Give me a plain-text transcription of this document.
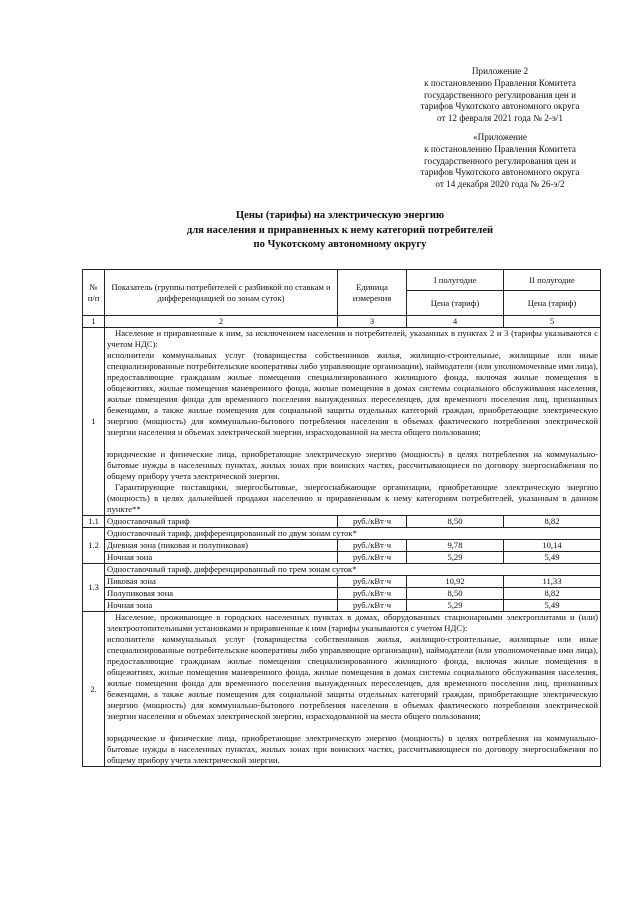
Приложение 2
к постановлению Правления Комитета
государственного регулирования цен и
тарифов Чукотского автономного округа
от 12 февраля 2021 года № 2-э/1
«Приложение
к постановлению Правления Комитета
государственного регулирования цен и
тарифов Чукотского автономного округа
от 14 декабря 2020 года № 26-э/2
Цены (тарифы) на электрическую энергию
для населения и приравненных к нему категорий потребителей
по Чукотскому автономному округу
№ п/п	Показатель (группы потребителей с разбивкой по ставкам и дифференциацией по зонам суток)	Единица измерения	I полугодие	II полугодие
			Цена (тариф)	Цена (тариф)
1	2	3	4	5
1	Население и приравненные к ним, за исключением населения и потребителей, указанных в пунктах 2 и 3 (тарифы указываются с учетом НДС):
исполнители коммунальных услуг (товарищества собственников жилья, жилищно-строительные, жилищные или иные специализированные потребительские кооперативы либо управляющие организации), наймодатели (или уполномоченные ими лица), предоставляющие гражданам жилые помещения специализированного жилищного фонда, включая жилые помещения в общежитиях, жилые помещения маневренного фонда, жилые помещения в домах системы социального обслуживания населения, жилые помещения фонда для временного поселения вынужденных переселенцев, для временного поселения лиц, признанных беженцами, а также жилые помещения для социальной защиты отдельных категорий граждан, приобретающие электрическую энергию (мощность) для коммунально-бытового потребления населения в объемах фактического потребления электрической энергии населения и объемах электрической энергии, израсходованной на места общего пользования;
юридические и физические лица, приобретающие электрическую энергию (мощность) в целях потребления на коммунально-бытовые нужды в населенных пунктах, жилых зонах при воинских частях, рассчитывающиеся по договору энергоснабжения по общему прибору учета электрической энергии.
Гарантирующие поставщики, энергосбытовые, энергоснабжающие организации, приобретающие электрическую энергию (мощность) в целях дальнейшей продажи населению и приравненным к нему категориям потребителей, указанным в данном пункте**			

1.1	Одноставочный тариф	руб./кВт·ч	8,50	8,82
1.2	Одноставочный тариф, дифференцированный по двум зонам суток*			
	Дневная зона (пиковая и полупиковая)	руб./кВт·ч	9,78	10,14
	Ночная зона	руб./кВт·ч	5,29	5,49
1.3	Одноставочный тариф, дифференцированный по трем зонам суток*			
	Пиковая зона	руб./кВт·ч	10,92	11,33
	Полупиковая зона	руб./кВт·ч	8,50	8,82
	Ночная зона	руб./кВт·ч	5,29	5,49
2.	Население, проживающее в городских населенных пунктах в домах, оборудованных стационарными электроплитами и (или) электроотопительными установками и приравненные к ним (тарифы указываются с учетом НДС):
исполнители коммунальных услуг (товарищества собственников жилья, жилищно-строительные, жилищные или иные специализированные потребительские кооперативы либо управляющие организации), наймодатели (или уполномоченные ими лица), предоставляющие гражданам жилые помещения специализированного жилищного фонда, включая жилые помещения в общежитиях, жилые помещения маневренного фонда, жилые помещения в домах системы социального обслуживания населения, жилые помещения фонда для временного поселения вынужденных переселенцев, для временного поселения лиц, признанных беженцами, а также жилые помещения для социальной защиты отдельных категорий граждан, приобретающие электрическую энергию (мощность) для коммунально-бытового потребления населения в объемах фактического потребления электрической энергии населения и объемах электрической энергии, израсходованной на места общего пользования;
юридические и физические лица, приобретающие электрическую энергию (мощность) в целях потребления на коммунально-бытовые нужды в населенных пунктах, жилых зонах при воинских частях, рассчитывающиеся по договору энергоснабжения по общему прибору учета электрической энергии.			
